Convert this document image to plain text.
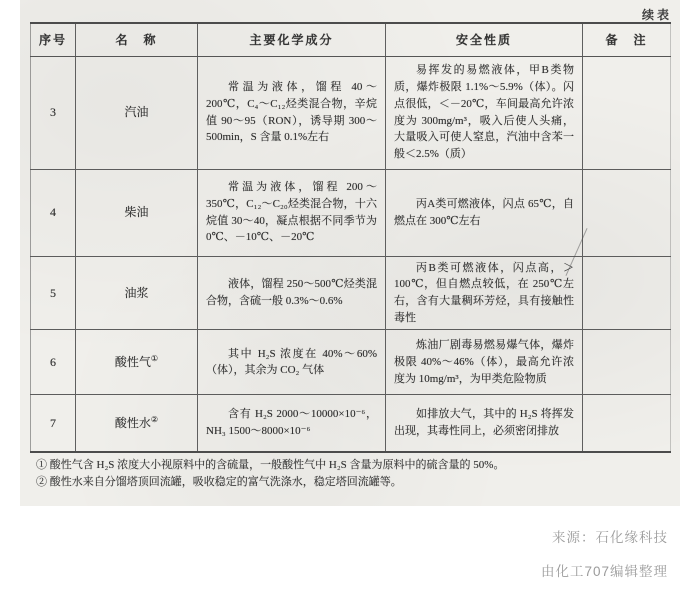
续表
序号	名　称	主要化学成分	安全性质	备　注
3	汽油	常温为液体，馏程 40～200℃，C₄～C₁₂烃类混合物，辛烷值 90～95（RON），诱导期 300～500min，S 含量 0.1%左右	易挥发的易燃液体，甲B类物质，爆炸极限 1.1%～5.9%（体）。闪点很低，＜－20℃，车间最高允许浓度为 300mg/m³，吸入后使人头痛，大量吸入可使人窒息，汽油中含苯一般＜2.5%（质）	

4	柴油	常温为液体，馏程 200～350℃，C₁₂～C₂₀烃类混合物，十六烷值 30～40，凝点根据不同季节为 0℃、－10℃、－20℃	丙A类可燃液体，闪点 65℃，自燃点在 300℃左右	

5	油浆	液体，馏程 250～500℃烃类混合物，含硫一般 0.3%～0.6%	丙B类可燃液体，闪点高，＞100℃，但自燃点较低，在 250℃左右，含有大量稠环芳烃，具有接触性毒性	

6	酸性气①	其中 H₂S 浓度在 40%～60%（体），其余为 CO₂ 气体	炼油厂剧毒易燃易爆气体，爆炸极限 40%～46%（体），最高允许浓度为 10mg/m³，为甲类危险物质	

7	酸性水②	含有 H₂S 2000～10000×10⁻⁶，NH₃ 1500～8000×10⁻⁶	如排放大气，其中的 H₂S 将挥发出现，其毒性同上，必须密闭排放	

① 酸性气含 H₂S 浓度大小视原料中的含硫量，一般酸性气中 H₂S 含量为原料中的硫含量的 50%。
② 酸性水来自分馏塔顶回流罐，吸收稳定的富气洗涤水，稳定塔回流罐等。
来源：石化缘科技
由化工707编辑整理
